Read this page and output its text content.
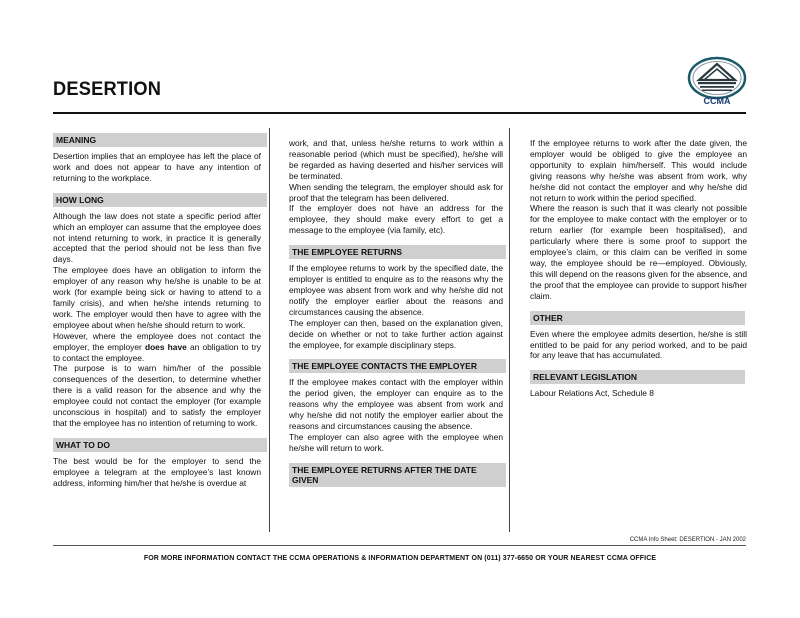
DESERTION
CCMA
MEANING

Desertion implies that an employee has left the place of work and does not appear to have any intention of returning to the workplace.

HOW LONG

Although the law does not state a specific period after which an employer can assume that the employee does not intend returning to work, in practice it is generally accepted that the period should not be less than five days.

The employee does have an obligation to inform the employer of any reason why he/she is unable to be at work (for example being sick or having to attend to a family crisis), and when he/she intends returning to work. The employer would then have to agree with the employee about when he/she should return to work.

However, where the employee does not contact the employer, the employer does have an obligation to try to contact the employee.

The purpose is to warn him/her of the possible consequences of the desertion, to determine whether there is a valid reason for the absence and why the employee could not contact the employer (for example unconscious in hospital) and to satisfy the employer that the employee has no intention of returning to work.

WHAT TO DO

The best would be for the employer to send the employee a telegram at the employee’s last known address, informing him/her that he/she is overdue at

work, and that, unless he/she returns to work within a reasonable period (which must be specified), he/she will be regarded as having deserted and his/her services will be terminated.

When sending the telegram, the employer should ask for proof that the telegram has been delivered.

If the employer does not have an address for the employee, they should make every effort to get a message to the employee (via family, etc).

THE EMPLOYEE RETURNS

If the employee returns to work by the specified date, the employer is entitled to enquire as to the reasons why the employee was absent from work and why he/she did not notify the employer earlier about the reasons and circumstances causing the absence.

The employer can then, based on the explanation given, decide on whether or not to take further action against the employee, for example disciplinary steps.

THE EMPLOYEE CONTACTS THE EMPLOYER

If the employee makes contact with the employer within the period given, the employer can enquire as to the reasons why the employee was absent from work and why he/she did not notify the employer earlier about the reasons and circumstances causing the absence.

The employer can also agree with the employee when he/she will return to work.

THE EMPLOYEE RETURNS AFTER THE DATE GIVEN

If the employee returns to work after the date given, the employer would be obliged to give the employee an opportunity to explain him/herself. This would include giving reasons why he/she was absent from work, why he/she did not contact the employer and why he/she did not return to work within the period specified.

Where the reason is such that it was clearly not possible for the employee to make contact with the employer or to return earlier (for example been hospitalised), and particularly where there is some proof to support the employee’s claim, or this claim can be verified in some way, the employee should be re—employed. Obviously, this will depend on the reasons given for the absence, and the proof that the employee can provide to support his/her claim.

OTHER

Even where the employee admits desertion, he/she is still entitled to be paid for any period worked, and to be paid for any leave that has accumulated.

RELEVANT LEGISLATION

Labour Relations Act, Schedule 8

CCMA Info Sheet: DESERTION - JAN 2002
FOR MORE INFORMATION CONTACT THE CCMA OPERATIONS & INFORMATION DEPARTMENT ON (011) 377-6650 OR YOUR NEAREST CCMA OFFICE
